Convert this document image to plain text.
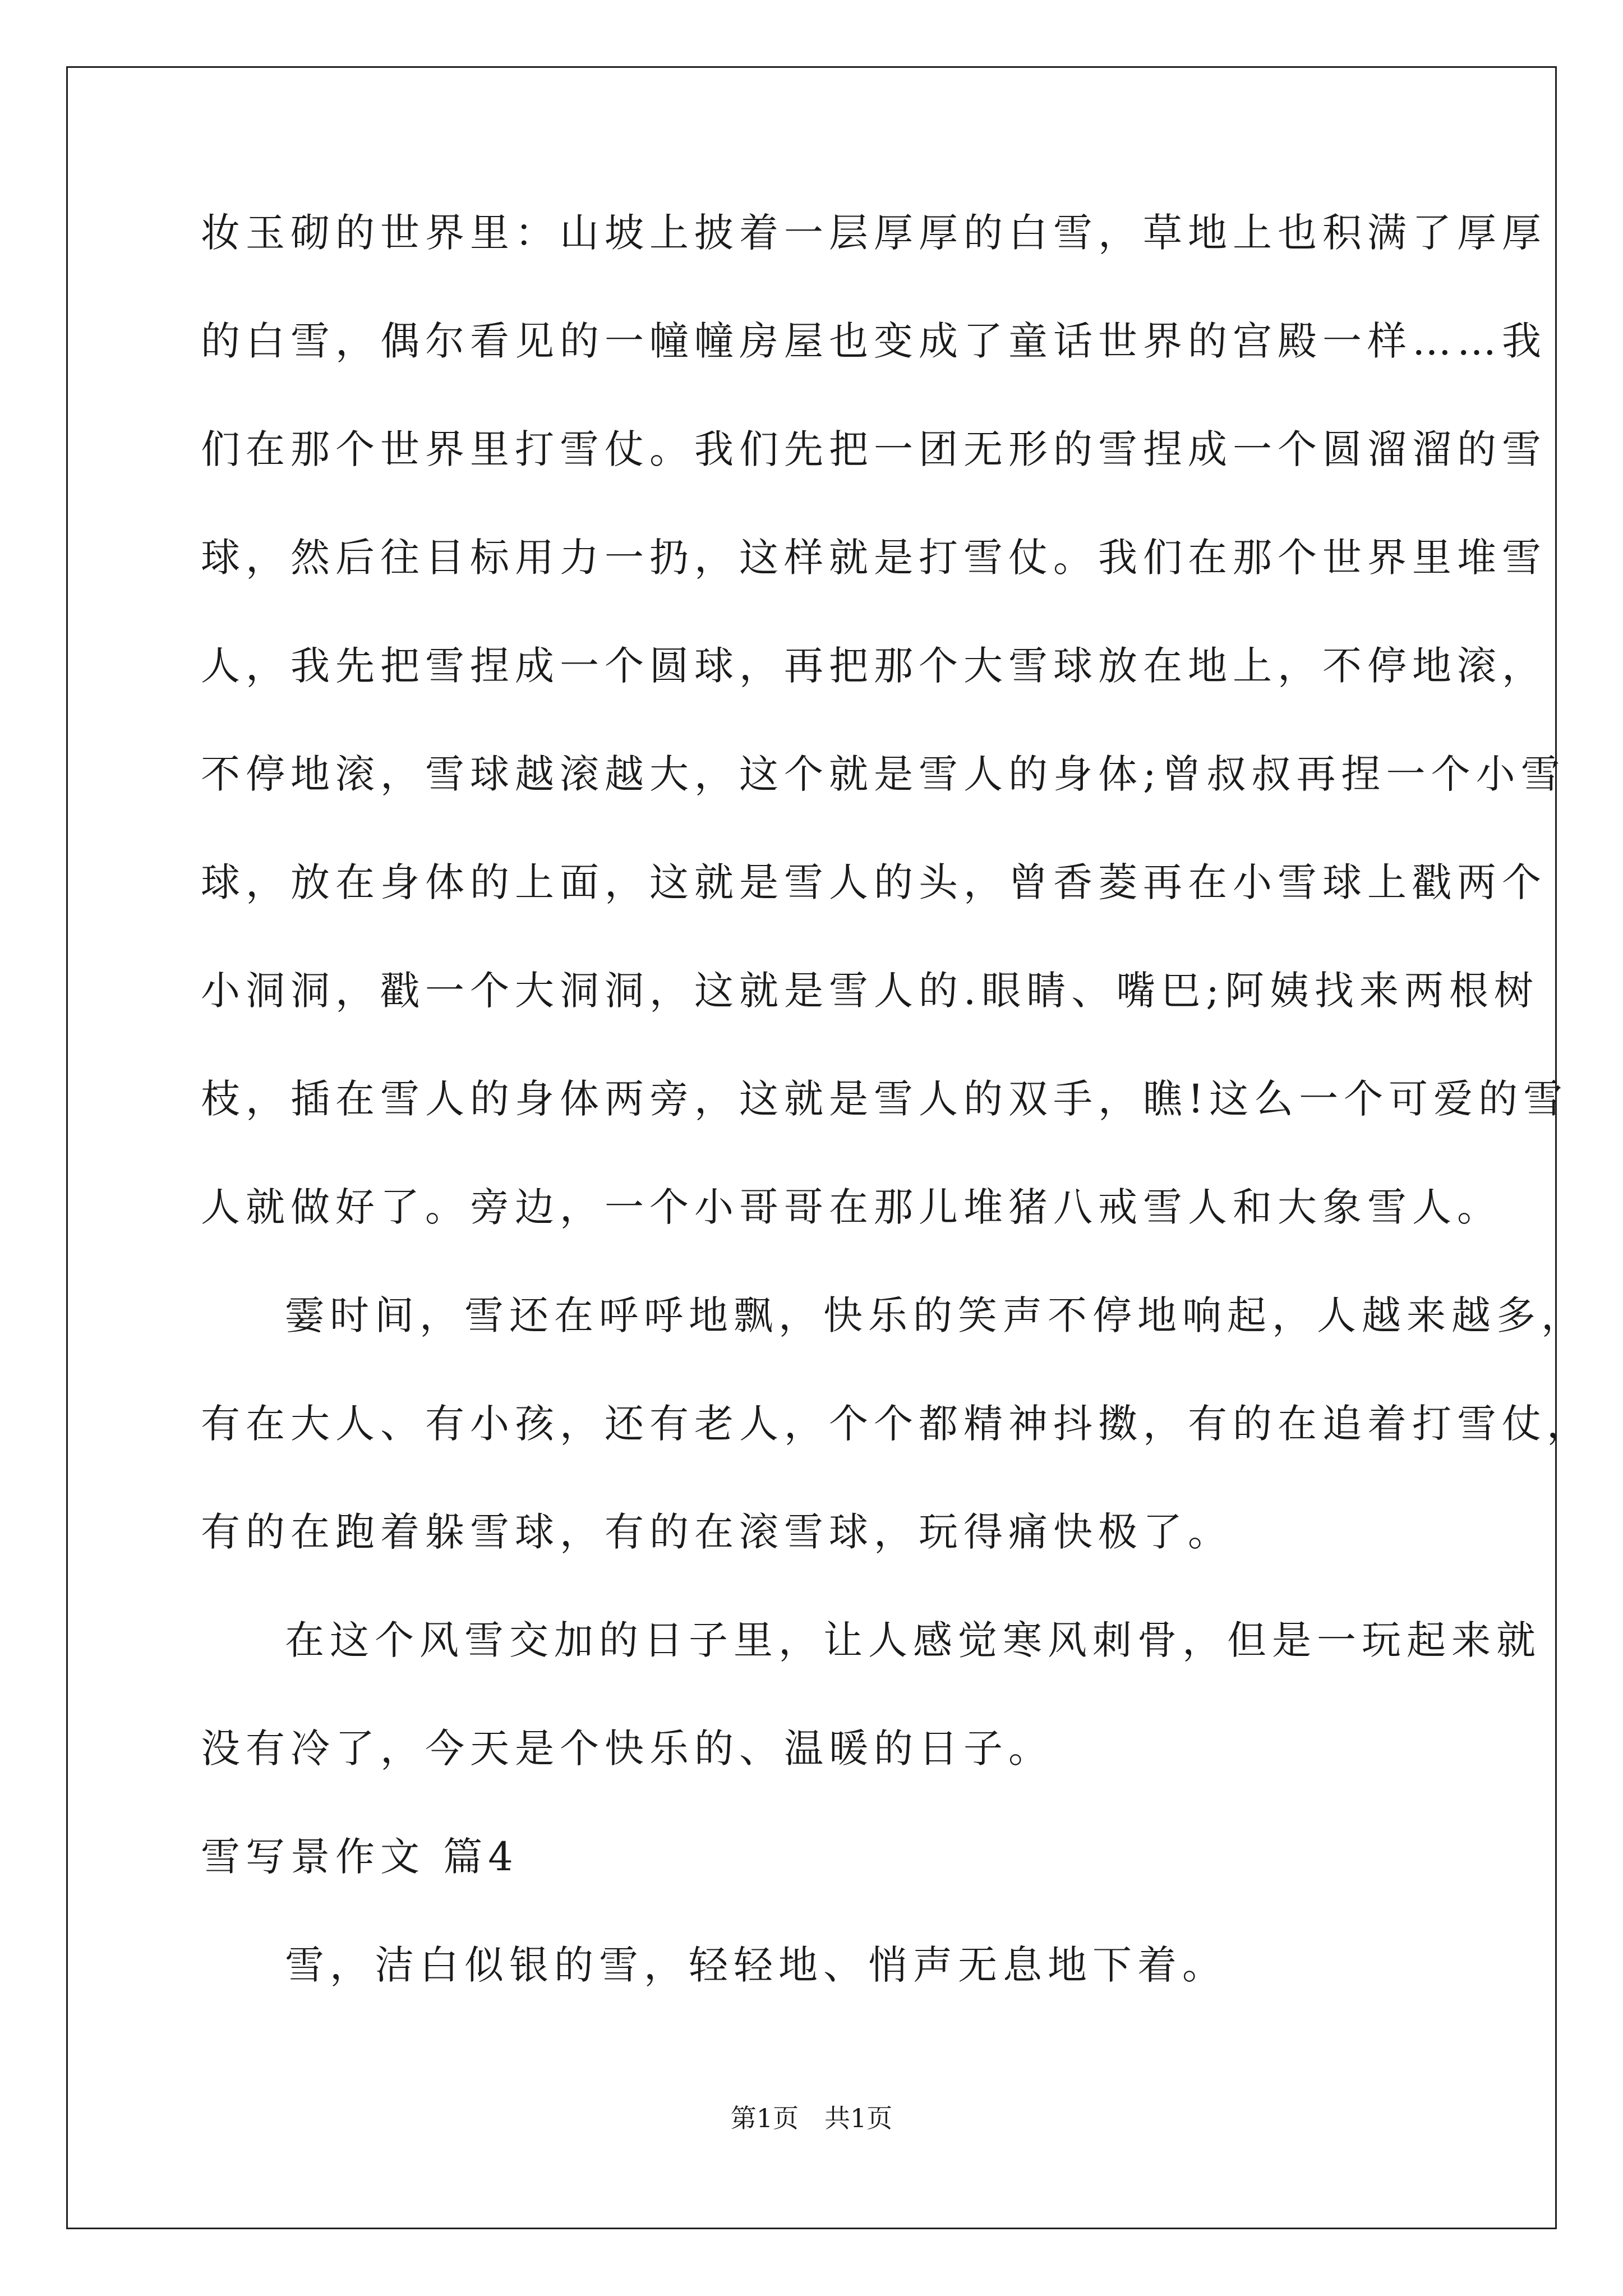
妆玉砌的世界里：山坡上披着一层厚厚的白雪，草地上也积满了厚厚
的白雪，偶尔看见的一幢幢房屋也变成了童话世界的宫殿一样……我
们在那个世界里打雪仗。我们先把一团无形的雪捏成一个圆溜溜的雪
球，然后往目标用力一扔，这样就是打雪仗。我们在那个世界里堆雪
人，我先把雪捏成一个圆球，再把那个大雪球放在地上，不停地滚，
不停地滚，雪球越滚越大，这个就是雪人的身体;曾叔叔再捏一个小雪
球，放在身体的上面，这就是雪人的头，曾香菱再在小雪球上戳两个
小洞洞，戳一个大洞洞，这就是雪人的.眼睛、嘴巴;阿姨找来两根树
枝，插在雪人的身体两旁，这就是雪人的双手，瞧!这么一个可爱的雪
人就做好了。旁边，一个小哥哥在那儿堆猪八戒雪人和大象雪人。
霎时间，雪还在呼呼地飘，快乐的笑声不停地响起，人越来越多，
有在大人、有小孩，还有老人，个个都精神抖擞，有的在追着打雪仗，
有的在跑着躲雪球，有的在滚雪球，玩得痛快极了。
在这个风雪交加的日子里，让人感觉寒风刺骨，但是一玩起来就
没有冷了，今天是个快乐的、温暖的日子。
雪写景作文 篇4
雪，洁白似银的雪，轻轻地、悄声无息地下着。
第1页　共1页
